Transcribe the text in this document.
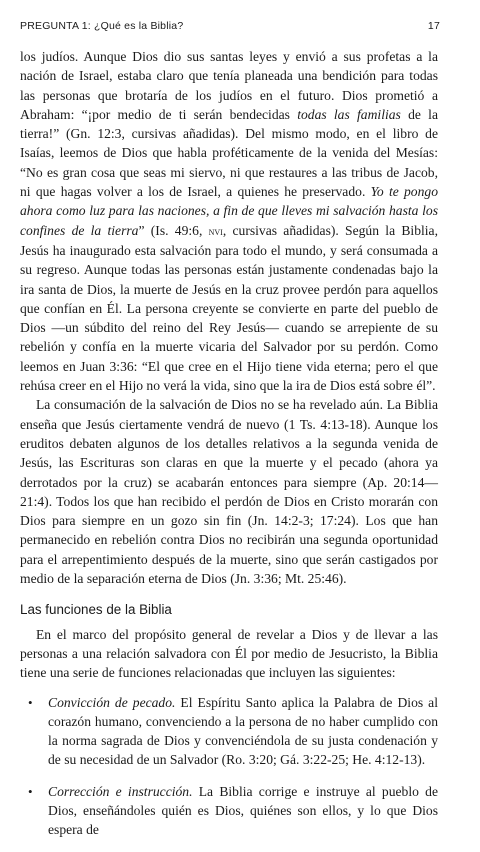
PREGUNTA 1: ¿Qué es la Biblia?	17

los judíos. Aunque Dios dio sus santas leyes y envió a sus profetas a la nación de Israel, estaba claro que tenía planeada una bendición para todas las personas que brotaría de los judíos en el futuro. Dios prometió a Abraham: “¡por medio de ti serán bendecidas todas las familias de la tierra!” (Gn. 12:3, cursivas añadidas). Del mismo modo, en el libro de Isaías, leemos de Dios que habla proféticamente de la venida del Mesías: “No es gran cosa que seas mi siervo, ni que restaures a las tribus de Jacob, ni que hagas volver a los de Israel, a quienes he preservado. Yo te pongo ahora como luz para las naciones, a fin de que lleves mi salvación hasta los confines de la tierra” (Is. 49:6, nvi, cursivas añadidas). Según la Biblia, Jesús ha inaugurado esta salvación para todo el mundo, y será consumada a su regreso. Aunque todas las personas están justamente condenadas bajo la ira santa de Dios, la muerte de Jesús en la cruz provee perdón para aquellos que confían en Él. La persona creyente se convierte en parte del pueblo de Dios —un súbdito del reino del Rey Jesús— cuando se arrepiente de su rebelión y confía en la muerte vicaria del Salvador por su perdón. Como leemos en Juan 3:36: “El que cree en el Hijo tiene vida eterna; pero el que rehúsa creer en el Hijo no verá la vida, sino que la ira de Dios está sobre él”.

La consumación de la salvación de Dios no se ha revelado aún. La Biblia enseña que Jesús ciertamente vendrá de nuevo (1 Ts. 4:13-18). Aunque los eruditos debaten algunos de los detalles relativos a la segunda venida de Jesús, las Escrituras son claras en que la muerte y el pecado (ahora ya derrotados por la cruz) se acabarán entonces para siempre (Ap. 20:14—21:4). Todos los que han recibido el perdón de Dios en Cristo morarán con Dios para siempre en un gozo sin fin (Jn. 14:2-3; 17:24). Los que han permanecido en rebelión contra Dios no recibirán una segunda oportunidad para el arrepentimiento después de la muerte, sino que serán castigados por medio de la separación eterna de Dios (Jn. 3:36; Mt. 25:46).

Las funciones de la Biblia

En el marco del propósito general de revelar a Dios y de llevar a las personas a una relación salvadora con Él por medio de Jesucristo, la Biblia tiene una serie de funciones relacionadas que incluyen las siguientes:

• Convicción de pecado. El Espíritu Santo aplica la Palabra de Dios al corazón humano, convenciendo a la persona de no haber cumplido con la norma sagrada de Dios y convenciéndola de su justa condenación y de su necesidad de un Salvador (Ro. 3:20; Gá. 3:22-25; He. 4:12-13).
• Corrección e instrucción. La Biblia corrige e instruye al pueblo de Dios, enseñándoles quién es Dios, quiénes son ellos, y lo que Dios espera de
